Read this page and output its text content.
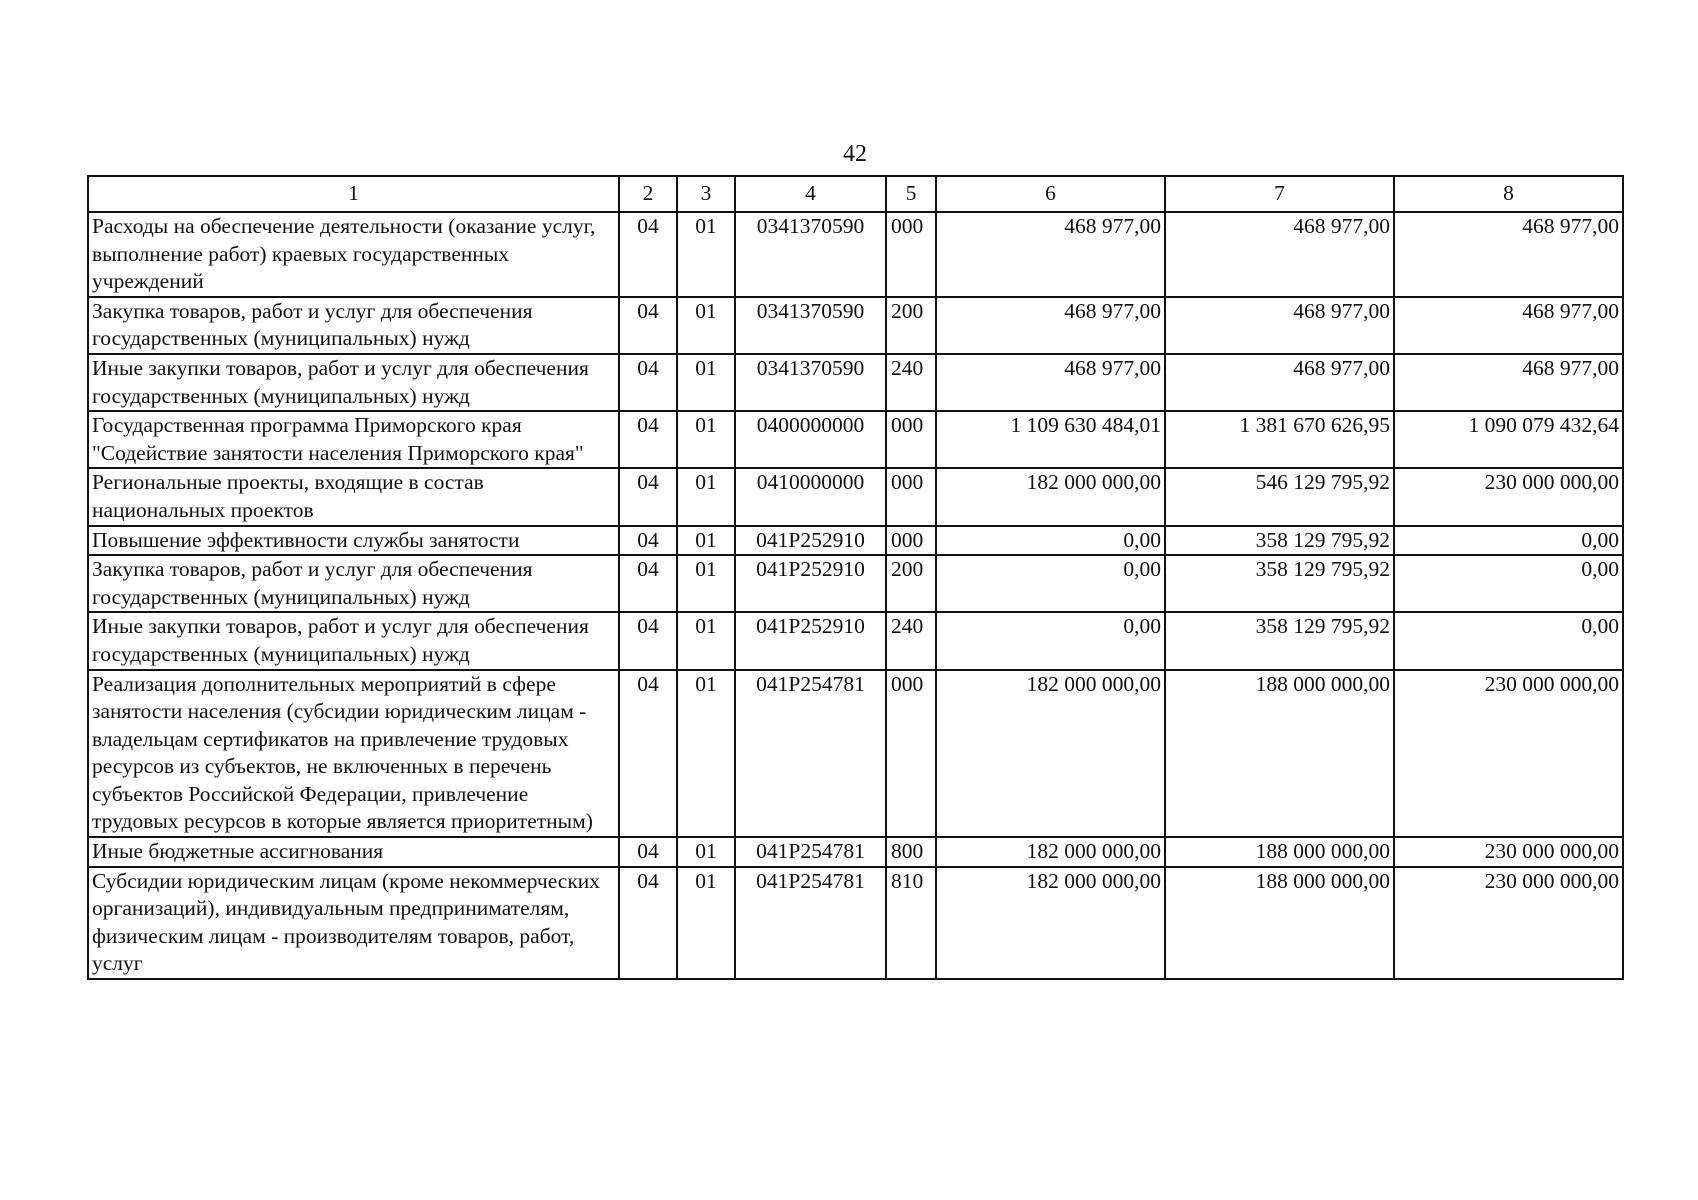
42
1	2	3	4	5	6	7	8
Расходы на обеспечение деятельности (оказание услуг, выполнение работ) краевых государственных учреждений	04	01	0341370590	000	468 977,00	468 977,00	468 977,00
Закупка товаров, работ и услуг для обеспечения государственных (муниципальных) нужд	04	01	0341370590	200	468 977,00	468 977,00	468 977,00
Иные закупки товаров, работ и услуг для обеспечения государственных (муниципальных) нужд	04	01	0341370590	240	468 977,00	468 977,00	468 977,00
Государственная программа Приморского края "Содействие занятости населения Приморского края"	04	01	0400000000	000	1 109 630 484,01	1 381 670 626,95	1 090 079 432,64
Региональные проекты, входящие в состав национальных проектов	04	01	0410000000	000	182 000 000,00	546 129 795,92	230 000 000,00
Повышение эффективности службы занятости	04	01	041P252910	000	0,00	358 129 795,92	0,00
Закупка товаров, работ и услуг для обеспечения государственных (муниципальных) нужд	04	01	041P252910	200	0,00	358 129 795,92	0,00
Иные закупки товаров, работ и услуг для обеспечения государственных (муниципальных) нужд	04	01	041P252910	240	0,00	358 129 795,92	0,00
Реализация дополнительных мероприятий в сфере занятости населения (субсидии юридическим лицам - владельцам сертификатов на привлечение трудовых ресурсов из субъектов, не включенных в перечень субъектов Российской Федерации, привлечение трудовых ресурсов в которые является приоритетным)	04	01	041P254781	000	182 000 000,00	188 000 000,00	230 000 000,00
Иные бюджетные ассигнования	04	01	041P254781	800	182 000 000,00	188 000 000,00	230 000 000,00
Субсидии юридическим лицам (кроме некоммерческих организаций), индивидуальным предпринимателям, физическим лицам - производителям товаров, работ, услуг	04	01	041P254781	810	182 000 000,00	188 000 000,00	230 000 000,00
